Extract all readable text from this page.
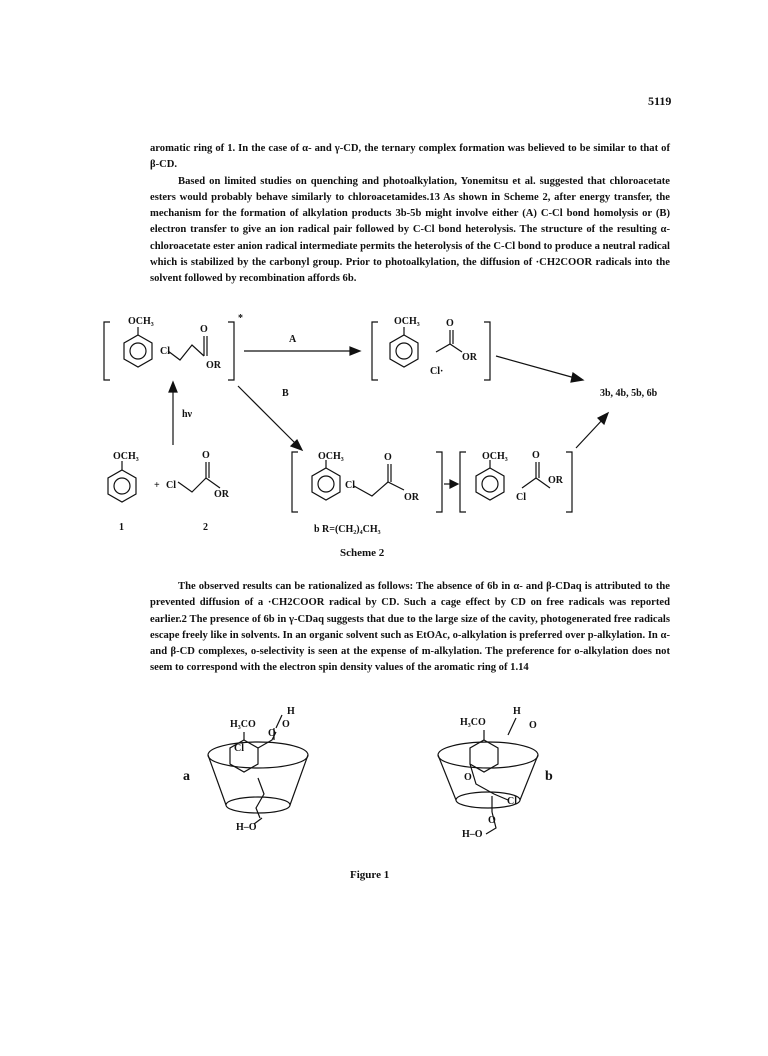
5119

aromatic ring of 1. In the case of α- and γ-CD, the ternary complex formation was believed to be similar to that of β-CD.

Based on limited studies on quenching and photoalkylation, Yonemitsu et al. suggested that chloroacetate esters would probably behave similarly to chloroacetamides.13 As shown in Scheme 2, after energy transfer, the mechanism for the formation of alkylation products 3b-5b might involve either (A) C-Cl bond homolysis or (B) electron transfer to give an ion radical pair followed by C-Cl bond heterolysis. The structure of the resulting α-chloroacetate ester anion radical intermediate permits the heterolysis of the C-Cl bond to produce a neutral radical which is stabilized by the carbonyl group. Prior to photoalkylation, the diffusion of ·CH2COOR radicals into the solvent followed by recombination affords 6b.

OCH₃
Cl
O
OR
*
A
OCH₃	O
OR
Cl·
B	3b, 4b, 5b, 6b
hν
OCH₃
+ Cl
O
OR
1	2
OCH₃
Cl
O
OR
OCH₃ O
OR
Cl
b R=(CH₂)₄CH₃
H₃CO
H
O
O
Cl
H–O
a
H₃CO
H
O
O
Cl
O
H–O
b
Scheme 2

The observed results can be rationalized as follows: The absence of 6b in α- and β-CDaq is attributed to the prevented diffusion of a ·CH2COOR radical by CD. Such a cage effect by CD on free radicals was reported earlier.2 The presence of 6b in γ-CDaq suggests that due to the large size of the cavity, photogenerated free radicals escape freely like in solvents. In an organic solvent such as EtOAc, o-alkylation is preferred over p-alkylation. In α- and β-CD complexes, o-selectivity is seen at the expense of m-alkylation. The preference for o-alkylation does not seem to correspond with the electron spin density values of the aromatic ring of 1.14

Figure 1
